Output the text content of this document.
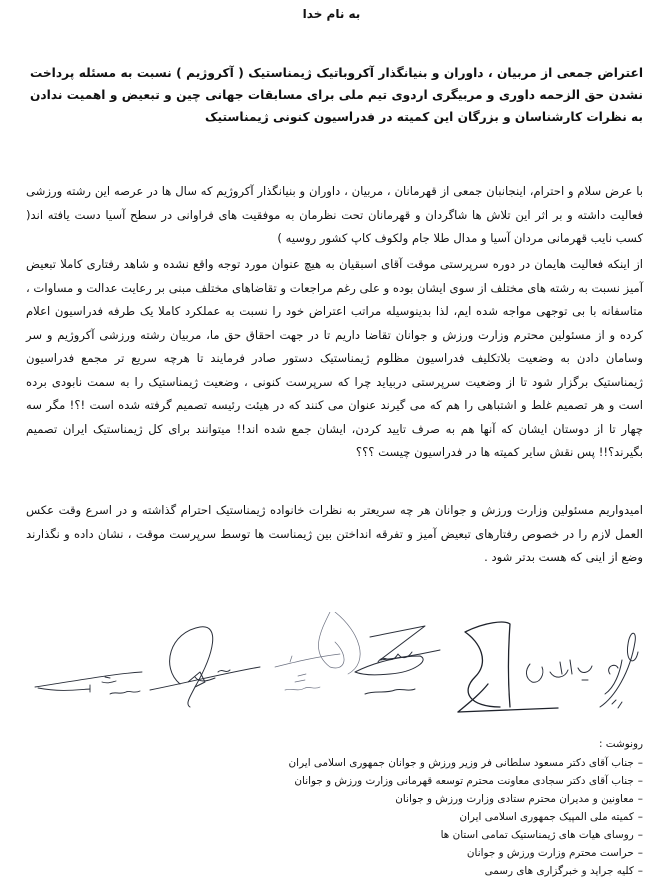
به نام خدا
اعتراض جمعی از مربیان ، داوران و بنیانگذار آکروباتیک ژیمناستیک ( آکروژیم ) نسبت به مسئله پرداخت نشدن حق الزحمه داوری و مربیگری اردوی تیم ملی برای مسابقات جهانی چین و تبعیض و اهمیت ندادن به نظرات کارشناسان و بزرگان این کمیته در فدراسیون کنونی ژیمناستیک
با عرض سلام و احترام، اینجانبان جمعی از قهرمانان ، مربیان ، داوران و بنیانگذار آکروژیم که سال ها در عرصه این رشته ورزشی فعالیت داشته و بر اثر این تلاش ها شاگردان و قهرمانان تحت نظرمان به موفقیت های فراوانی در سطح آسیا دست یافته اند( کسب نایب قهرمانی مردان آسیا و مدال طلا جام ولکوف کاپ کشور روسیه )
از اینکه فعالیت هایمان در دوره سرپرستی موقت آقای اسبقیان به هیچ عنوان مورد توجه واقع نشده و شاهد رفتاری کاملا تبعیض آمیز نسبت به رشته های مختلف از سوی ایشان بوده و علی رغم مراجعات و تقاضاهای مختلف مبنی بر رعایت عدالت و مساوات ، متاسفانه با بی توجهی مواجه شده ایم، لذا بدینوسیله مراتب اعتراض خود را نسبت به عملکرد کاملا یک طرفه فدراسیون اعلام کرده و از مسئولین محترم وزارت ورزش و جوانان تقاضا داریم تا در جهت احقاق حق ما، مربیان رشته ورزشی آکروژیم و سر وسامان دادن به وضعیت بلاتکلیف فدراسیون مظلوم ژیمناستیک دستور صادر فرمایند تا هرچه سریع تر مجمع فدراسیون ژیمناستیک برگزار شود تا از وضعیت سرپرستی دربیاید چرا که سرپرست کنونی ، وضعیت ژیمناستیک را به سمت نابودی برده است و هر تصمیم غلط و اشتباهی را هم که می گیرند عنوان می کنند که در هیئت رئیسه تصمیم گرفته شده است !؟! مگر سه چهار تا از دوستان ایشان که آنها هم به صرف تایید کردن، ایشان جمع شده اند!! میتوانند برای کل ژیمناستیک ایران تصمیم بگیرند؟!! پس نقش سایر کمیته ها در فدراسیون چیست ؟؟؟
امیدواریم مسئولین وزارت ورزش و جوانان هر چه سریعتر به نظرات خانواده ژیمناستیک احترام گذاشته و در اسرع وقت عکس العمل لازم را در خصوص رفتارهای تبعیض آمیز و تفرقه انداختن بین ژیمناست ها توسط سرپرست موقت ، نشان داده و نگذارند وضع از اینی که هست بدتر شود .
رونوشت :
–جناب آقای دکتر مسعود سلطانی فر وزیر ورزش و جوانان جمهوری اسلامی ایران
–جناب آقای دکتر سجادی معاونت محترم توسعه قهرمانی وزارت ورزش و جوانان
–معاونین و مدیران محترم ستادی وزارت ورزش و جوانان
–کمیته ملی المپیک جمهوری اسلامی ایران
–روسای هیات های ژیمناستیک تمامی استان ها
–حراست محترم وزارت ورزش و جوانان
–کلیه جراید و خبرگزاری های رسمی
